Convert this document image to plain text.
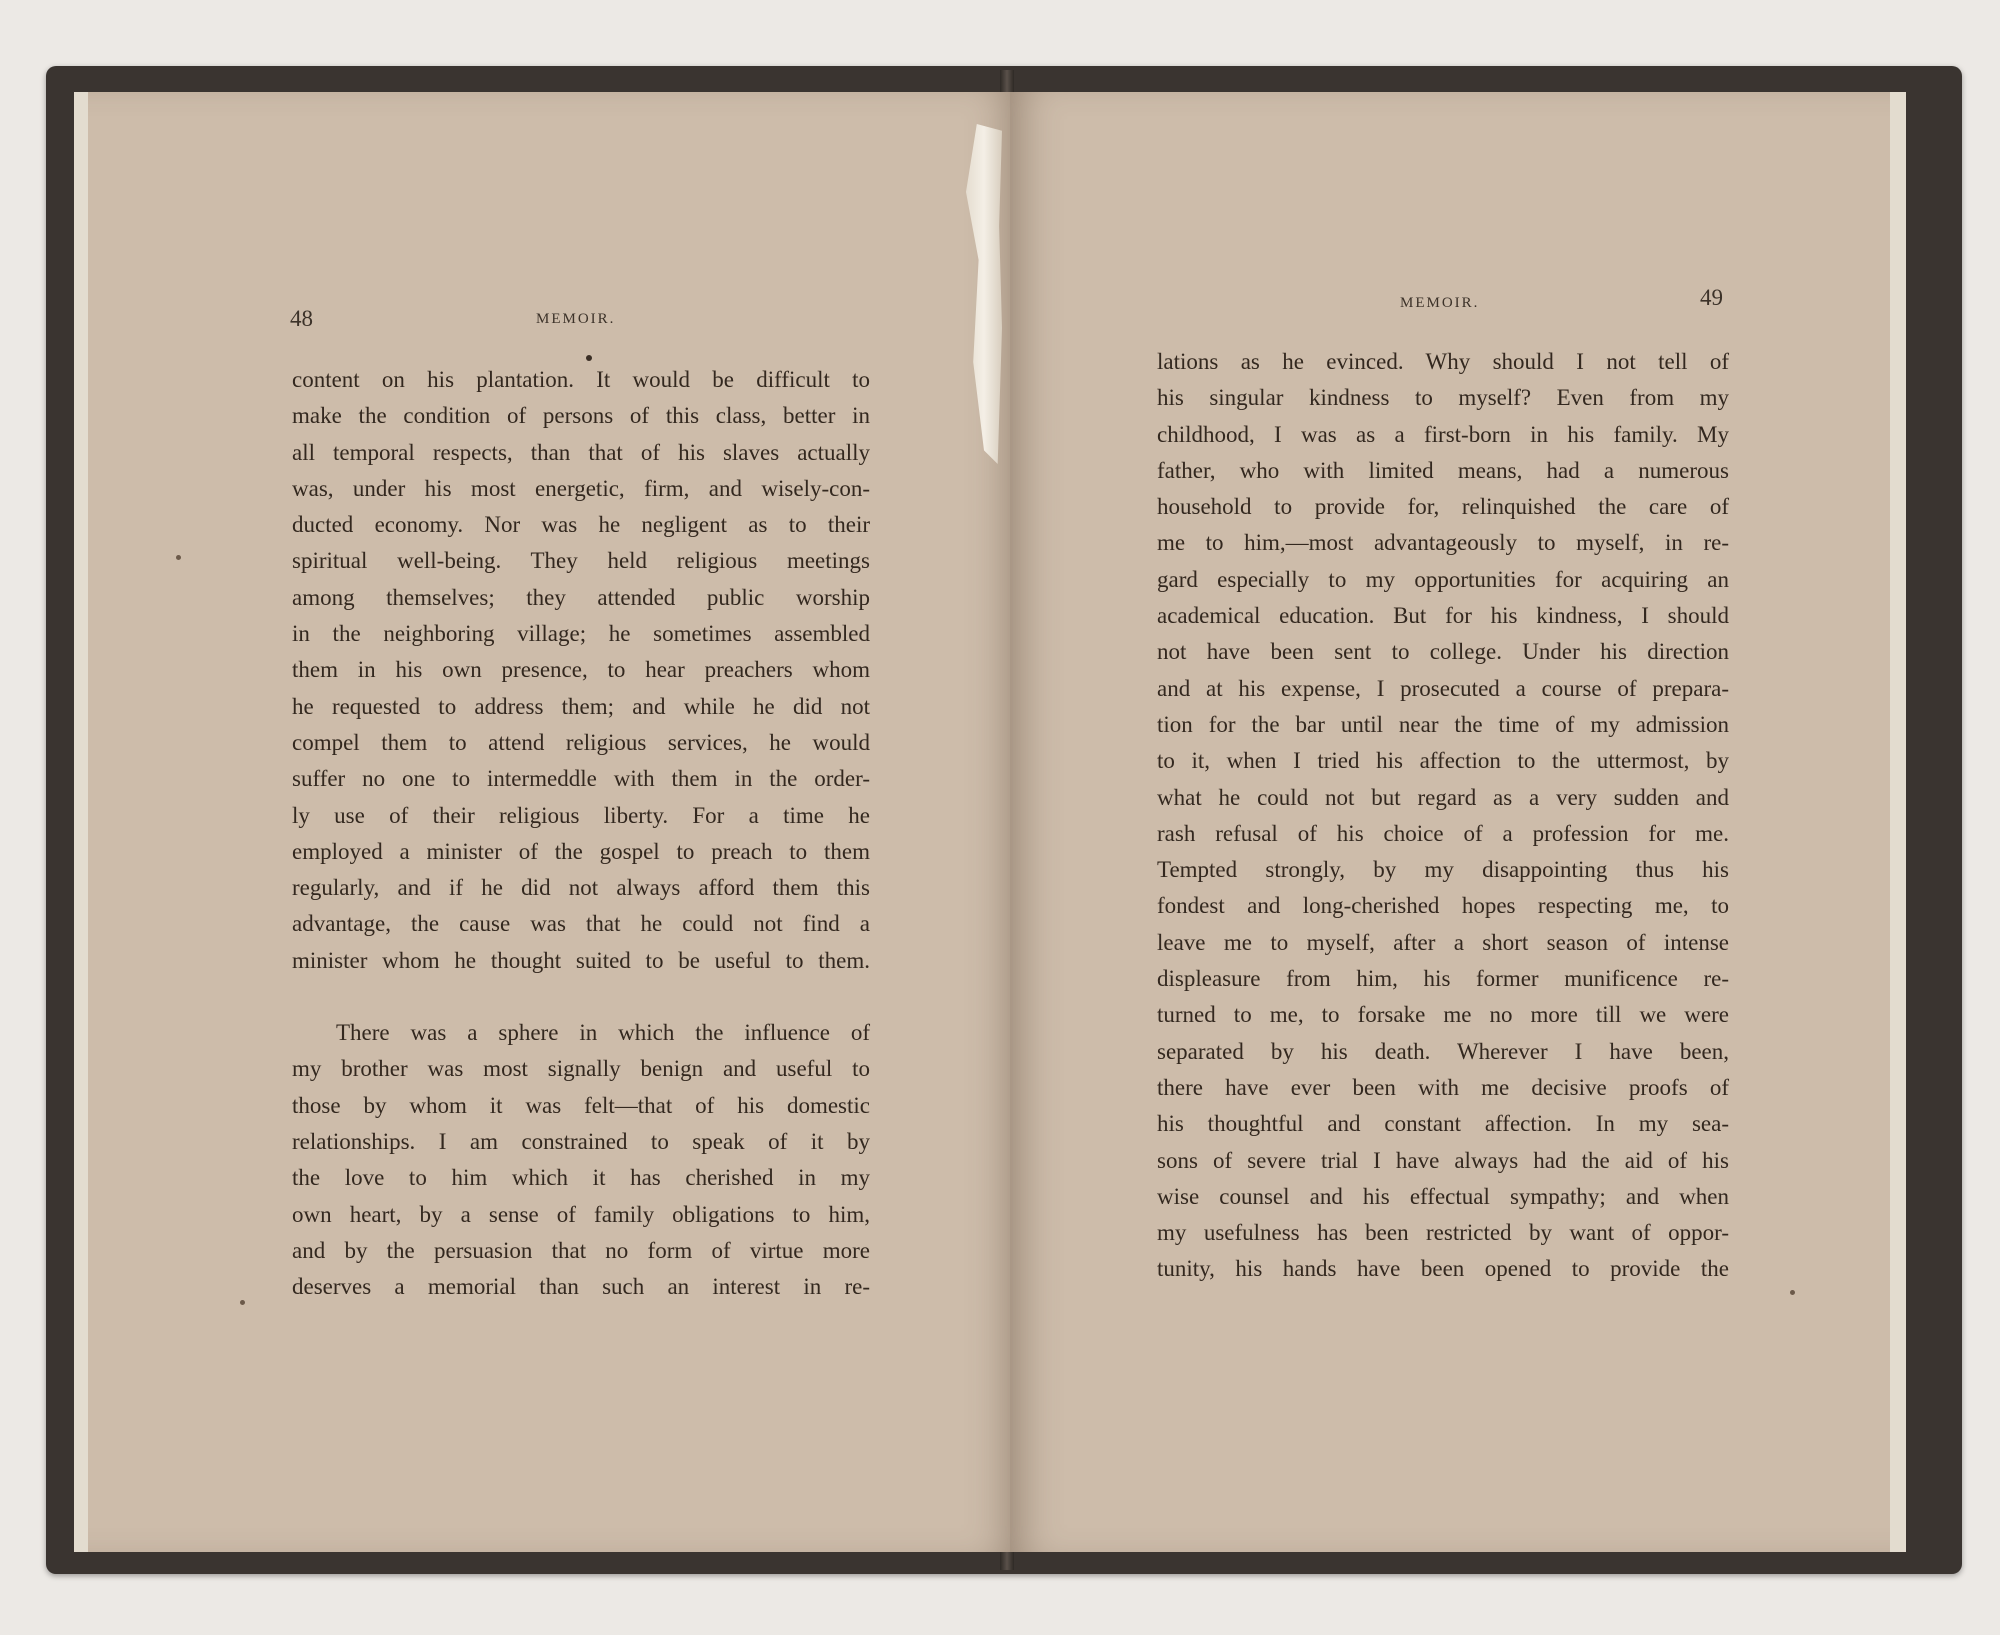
48	MEMOIR.
content on his plantation. It would be difficult to
make the condition of persons of this class, better in
all temporal respects, than that of his slaves actually
was, under his most energetic, firm, and wisely-con-
ducted economy. Nor was he negligent as to their
spiritual well-being. They held religious meetings
among themselves; they attended public worship
in the neighboring village; he sometimes assembled
them in his own presence, to hear preachers whom
he requested to address them; and while he did not
compel them to attend religious services, he would
suffer no one to intermeddle with them in the order-
ly use of their religious liberty. For a time he
employed a minister of the gospel to preach to them
regularly, and if he did not always afford them this
advantage, the cause was that he could not find a
minister whom he thought suited to be useful to them.
There was a sphere in which the influence of
my brother was most signally benign and useful to
those by whom it was felt—that of his domestic
relationships. I am constrained to speak of it by
the love to him which it has cherished in my
own heart, by a sense of family obligations to him,
and by the persuasion that no form of virtue more
deserves a memorial than such an interest in re-
MEMOIR.	49
lations as he evinced. Why should I not tell of
his singular kindness to myself? Even from my
childhood, I was as a first-born in his family. My
father, who with limited means, had a numerous
household to provide for, relinquished the care of
me to him,—most advantageously to myself, in re-
gard especially to my opportunities for acquiring an
academical education. But for his kindness, I should
not have been sent to college. Under his direction
and at his expense, I prosecuted a course of prepara-
tion for the bar until near the time of my admission
to it, when I tried his affection to the uttermost, by
what he could not but regard as a very sudden and
rash refusal of his choice of a profession for me.
Tempted strongly, by my disappointing thus his
fondest and long-cherished hopes respecting me, to
leave me to myself, after a short season of intense
displeasure from him, his former munificence re-
turned to me, to forsake me no more till we were
separated by his death. Wherever I have been,
there have ever been with me decisive proofs of
his thoughtful and constant affection. In my sea-
sons of severe trial I have always had the aid of his
wise counsel and his effectual sympathy; and when
my usefulness has been restricted by want of oppor-
tunity, his hands have been opened to provide the
